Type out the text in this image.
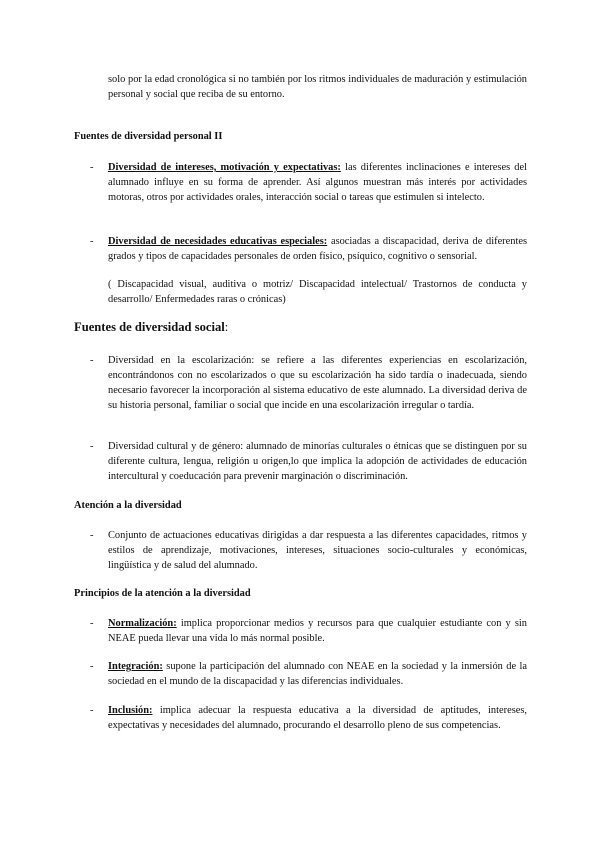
solo por la edad cronológica si no también por los ritmos individuales de maduración y estimulación personal y social que reciba de su entorno.

Fuentes de diversidad personal II
- Diversidad de intereses, motivación y expectativas: las diferentes inclinaciones e intereses del alumnado influye en su forma de aprender. Así algunos muestran más interés por actividades motoras, otros por actividades orales, interacción social o tareas que estimulen si intelecto.

- Diversidad de necesidades educativas especiales: asociadas a discapacidad, deriva de diferentes grados y tipos de capacidades personales de orden físico, psíquico, cognitivo o sensorial.

( Discapacidad visual, auditiva o motriz/ Discapacidad intelectual/ Trastornos de conducta y desarrollo/ Enfermedades raras o crónicas)

Fuentes de diversidad social:
- Diversidad en la escolarización: se refiere a las diferentes experiencias en escolarización, encontrándonos con no escolarizados o que su escolarización ha sido tardía o inadecuada, siendo necesario favorecer la incorporación al sistema educativo de este alumnado. La diversidad deriva de su historia personal, familiar o social que incide en una escolarización irregular o tardía.

- Diversidad cultural y de género: alumnado de minorías culturales o étnicas que se distinguen por su diferente cultura, lengua, religión u origen,lo que implica la adopción de actividades de educación intercultural y coeducación para prevenir marginación o discriminación.

Atención a la diversidad
- Conjunto de actuaciones educativas dirigidas a dar respuesta a las diferentes capacidades, ritmos y estilos de aprendizaje, motivaciones, intereses, situaciones socio-culturales y económicas, lingüística y de salud del alumnado.

Principios de la atención a la diversidad
- Normalización: implica proporcionar medios y recursos para que cualquier estudiante con y sin NEAE pueda llevar una vida lo más normal posible.

- Integración: supone la participación del alumnado con NEAE en la sociedad y la inmersión de la sociedad en el mundo de la discapacidad y las diferencias individuales.

- Inclusión: implica adecuar la respuesta educativa a la diversidad de aptitudes, intereses, expectativas y necesidades del alumnado, procurando el desarrollo pleno de sus competencias.
